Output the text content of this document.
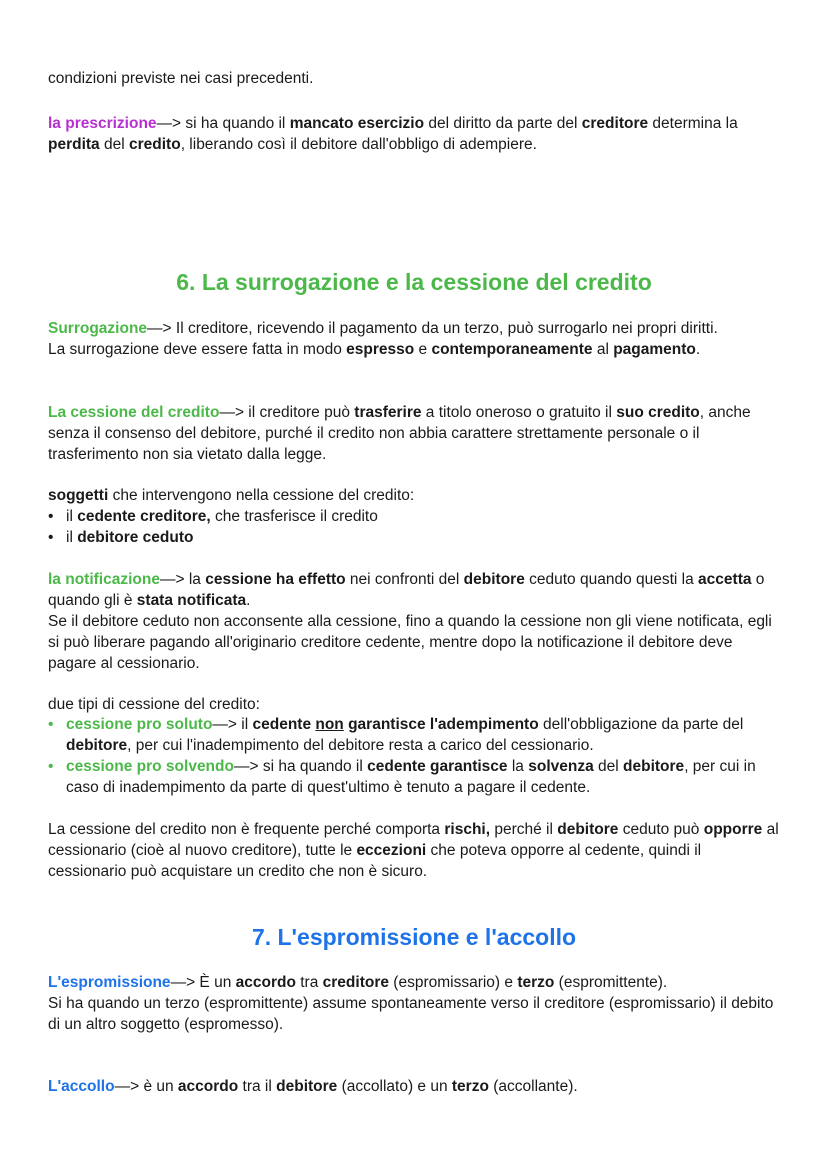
condizioni previste nei casi precedenti.
la prescrizione—> si ha quando il mancato esercizio del diritto da parte del creditore determina la perdita del credito, liberando così il debitore dall'obbligo di adempiere.
6. La surrogazione e la cessione del credito
Surrogazione—> Il creditore, ricevendo il pagamento da un terzo, può surrogarlo nei propri diritti.
La surrogazione deve essere fatta in modo espresso e contemporaneamente al pagamento.
La cessione del credito—> il creditore può trasferire a titolo oneroso o gratuito il suo credito, anche senza il consenso del debitore, purché il credito non abbia carattere strettamente personale o il trasferimento non sia vietato dalla legge.
soggetti che intervengono nella cessione del credito:
• il cedente creditore, che trasferisce il credito
• il debitore ceduto
la notificazione—> la cessione ha effetto nei confronti del debitore ceduto quando questi la accetta o quando gli è stata notificata.
Se il debitore ceduto non acconsente alla cessione, fino a quando la cessione non gli viene notificata, egli si può liberare pagando all'originario creditore cedente, mentre dopo la notificazione il debitore deve pagare al cessionario.
due tipi di cessione del credito:
• cessione pro soluto—> il cedente non garantisce l'adempimento dell'obbligazione da parte del debitore, per cui l'inadempimento del debitore resta a carico del cessionario.
• cessione pro solvendo—> si ha quando il cedente garantisce la solvenza del debitore, per cui in caso di inadempimento da parte di quest'ultimo è tenuto a pagare il cedente.
La cessione del credito non è frequente perché comporta rischi, perché il debitore ceduto può opporre al cessionario (cioè al nuovo creditore), tutte le eccezioni che poteva opporre al cedente, quindi il cessionario può acquistare un credito che non è sicuro.
7. L'espromissione e l'accollo
L'espromissione—> È un accordo tra creditore (espromissario) e terzo (espromittente).
Si ha quando un terzo (espromittente) assume spontaneamente verso il creditore (espromissario) il debito di un altro soggetto (espromesso).
L'accollo—> è un accordo tra il debitore (accollato) e un terzo (accollante).
